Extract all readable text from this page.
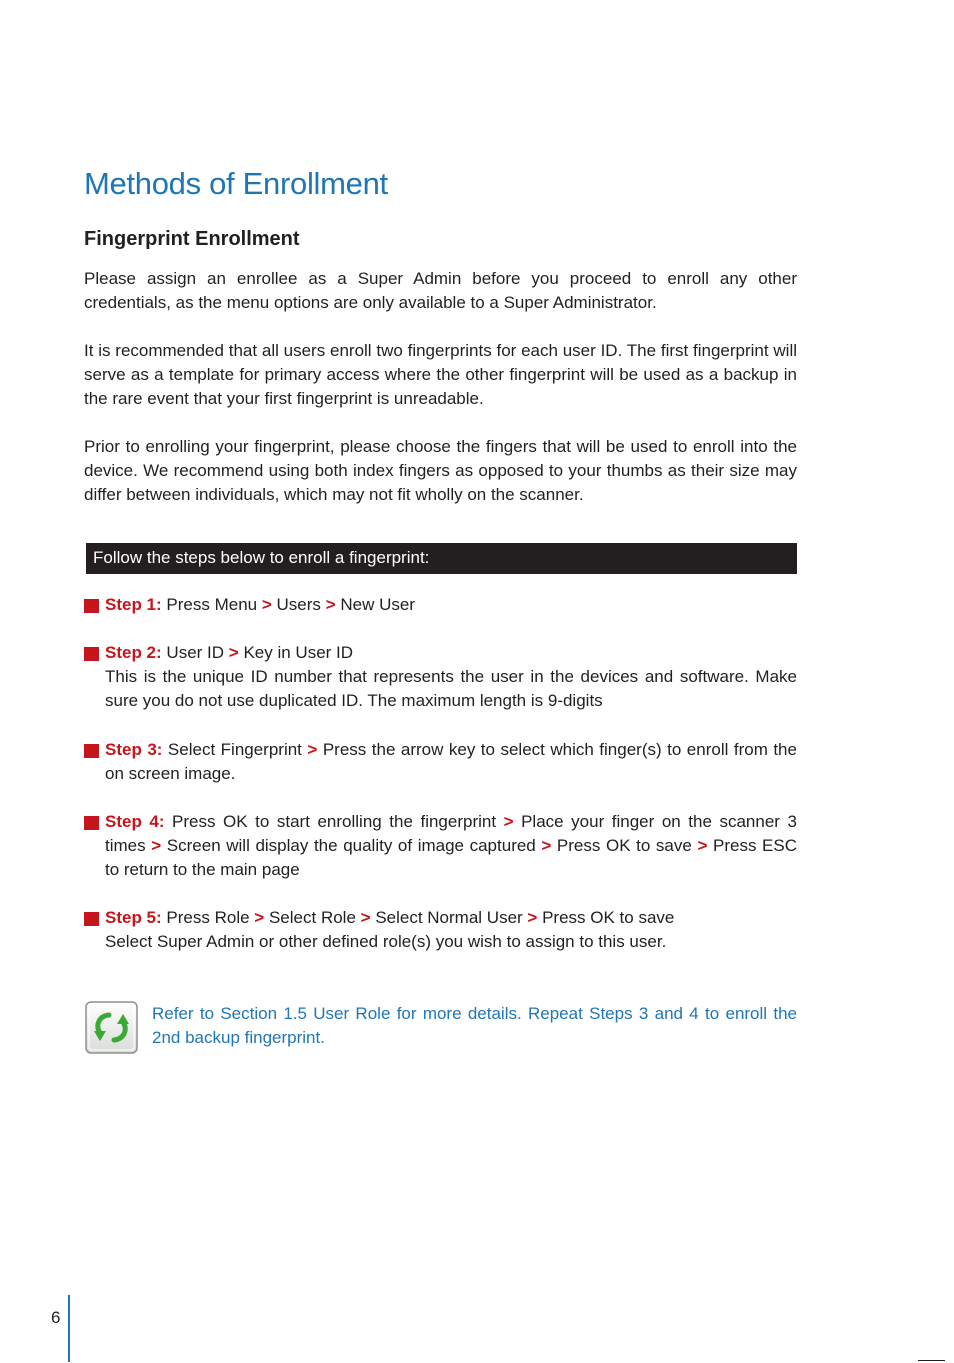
Methods of Enrollment
Fingerprint Enrollment

Please assign an enrollee as a Super Admin before you proceed to enroll any other credentials, as the menu options are only available to a Super Administrator.

It is recommended that all users enroll two fingerprints for each user ID. The first fingerprint will serve as a template for primary access where the other fingerprint will be used as a backup in the rare event that your first fingerprint is unreadable.

Prior to enrolling your fingerprint, please choose the fingers that will be used to enroll into the device. We recommend using both index fingers as opposed to your thumbs as their size may differ between individuals, which may not fit wholly on the scanner.

Follow the steps below to enroll a fingerprint:
Step 1: Press Menu > Users > New User
Step 2: User ID > Key in User ID
This is the unique ID number that represents the user in the devices and software. Make sure you do not use duplicated ID. The maximum length is 9-digits
Step 3: Select Fingerprint > Press the arrow key to select which finger(s) to enroll from the on screen image.
Step 4: Press OK to start enrolling the fingerprint > Place your finger on the scanner 3 times > Screen will display the quality of image captured > Press OK to save > Press ESC to return to the main page
Step 5: Press Role > Select Role > Select Normal User > Press OK to save
Select Super Admin or other defined role(s) you wish to assign to this user.

Refer to Section 1.5 User Role for more details. Repeat Steps 3 and 4 to enroll the 2nd backup fingerprint.

6
